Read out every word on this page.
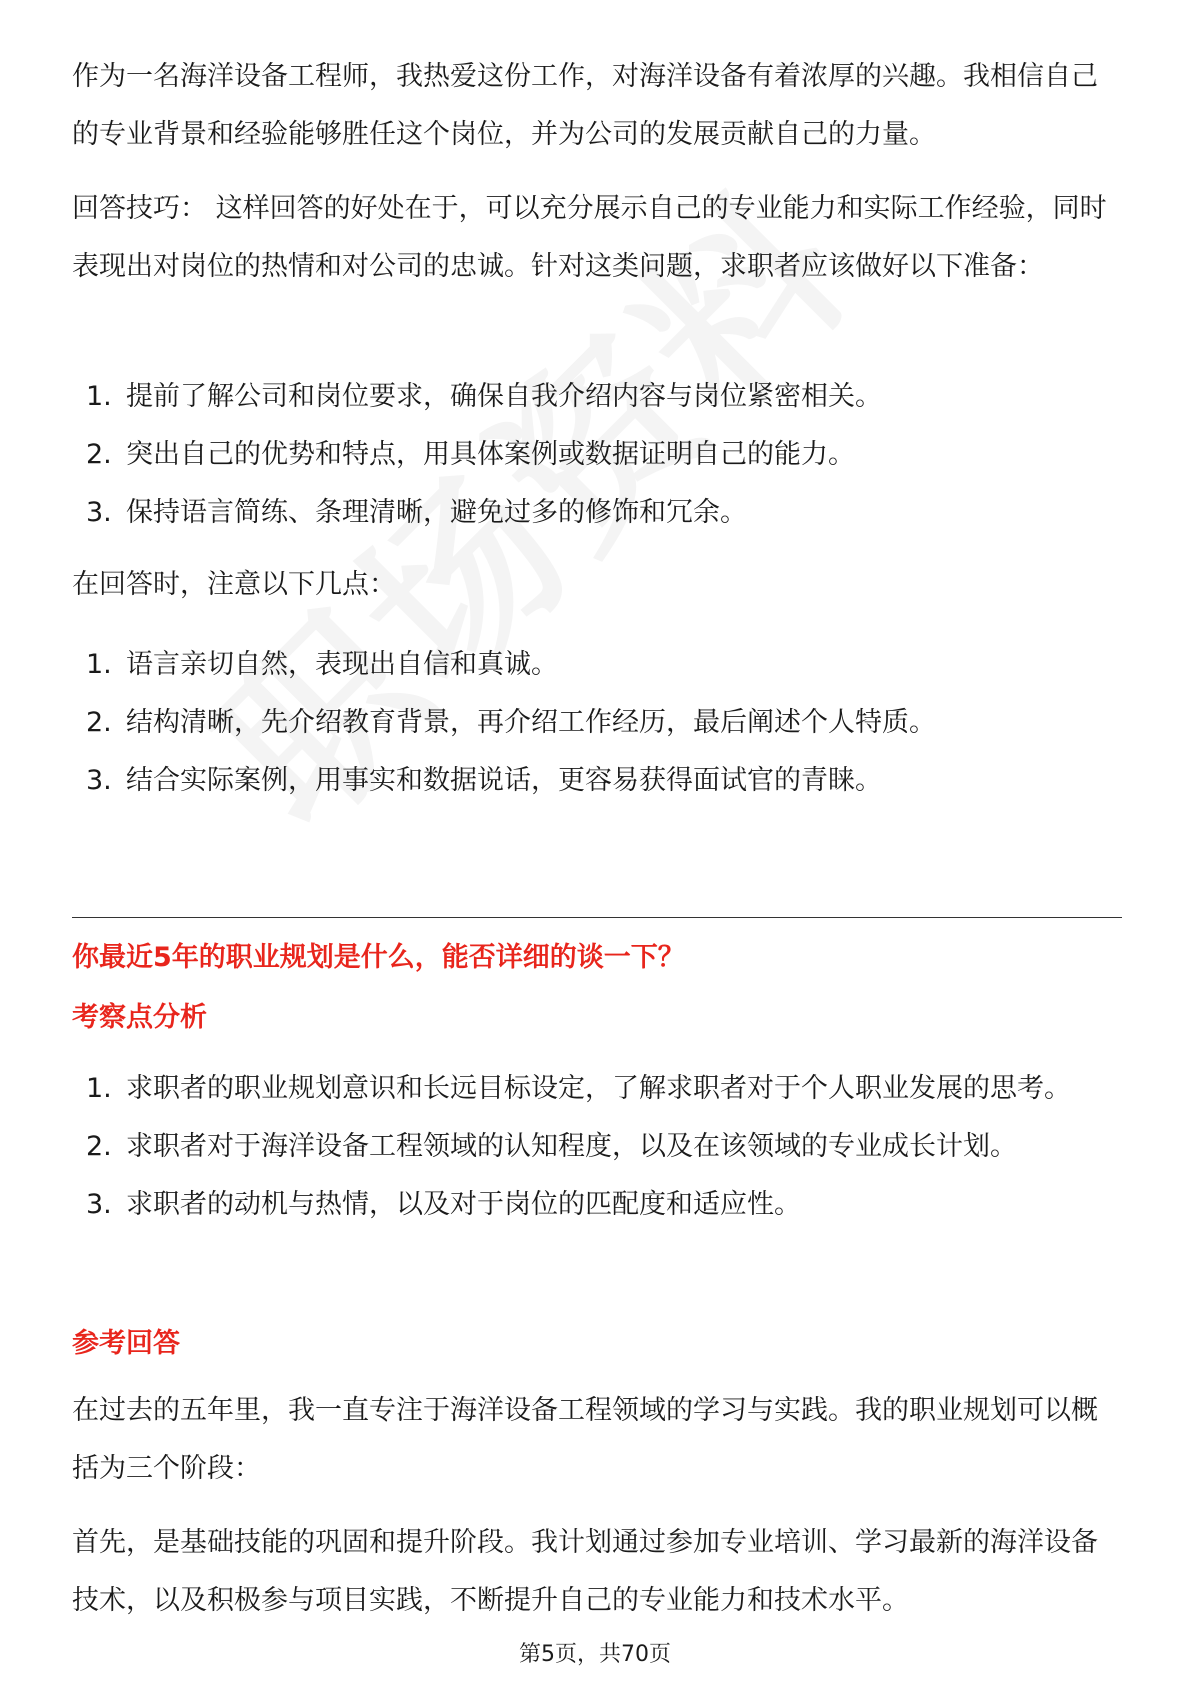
作为一名海洋设备工程师，我热爱这份工作，对海洋设备有着浓厚的兴趣。我相信自己的专业背景和经验能够胜任这个岗位，并为公司的发展贡献自己的力量。

回答技巧： 这样回答的好处在于，可以充分展示自己的专业能力和实际工作经验，同时表现出对岗位的热情和对公司的忠诚。针对这类问题，求职者应该做好以下准备：

1. 提前了解公司和岗位要求，确保自我介绍内容与岗位紧密相关。
2. 突出自己的优势和特点，用具体案例或数据证明自己的能力。
3. 保持语言简练、条理清晰，避免过多的修饰和冗余。

在回答时，注意以下几点：

1. 语言亲切自然，表现出自信和真诚。
2. 结构清晰，先介绍教育背景，再介绍工作经历，最后阐述个人特质。
3. 结合实际案例，用事实和数据说话，更容易获得面试官的青睐。

你最近5年的职业规划是什么，能否详细的谈一下？

考察点分析

1. 求职者的职业规划意识和长远目标设定，了解求职者对于个人职业发展的思考。
2. 求职者对于海洋设备工程领域的认知程度，以及在该领域的专业成长计划。
3. 求职者的动机与热情，以及对于岗位的匹配度和适应性。

参考回答

在过去的五年里，我一直专注于海洋设备工程领域的学习与实践。我的职业规划可以概括为三个阶段：

首先，是基础技能的巩固和提升阶段。我计划通过参加专业培训、学习最新的海洋设备技术，以及积极参与项目实践，不断提升自己的专业能力和技术水平。

第5页，共70页
